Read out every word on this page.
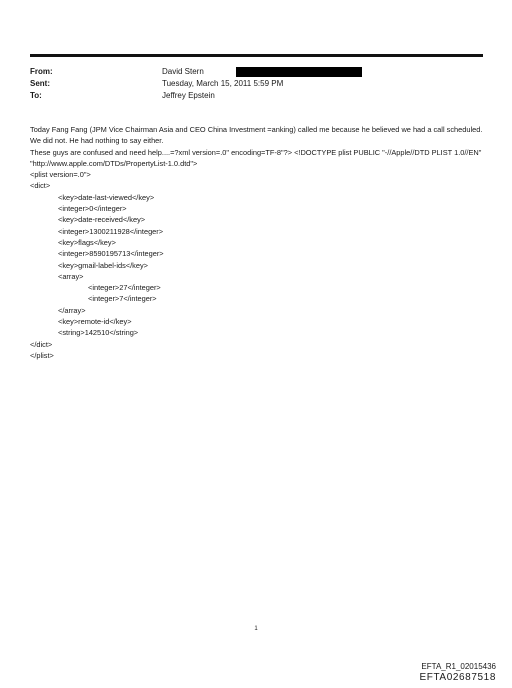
From:	David Stern
Sent:	Tuesday, March 15, 2011 5:59 PM
To:	Jeffrey Epstein

Today Fang Fang (JPM Vice Chairman Asia and CEO China Investment =anking) called me because he believed we had a call scheduled.

We did not. He had nothing to say either.

These guys are confused and need help....=?xml version=.0" encoding=TF-8"?> <!DOCTYPE plist PUBLIC "-//Apple//DTD PLIST 1.0//EN" "http://www.apple.com/DTDs/PropertyList-1.0.dtd">

<plist version=.0">

<dict>

<key>date-last-viewed</key>

<integer>0</integer>

<key>date-received</key>

<integer>1300211928</integer>

<key>flags</key>

<integer>8590195713</integer>

<key>gmail-label-ids</key>

<array>

<integer>27</integer>

<integer>7</integer>

</array>

<key>remote-id</key>

<string>142510</string>

</dict>

</plist>

1
EFTA_R1_02015436
EFTA02687518
